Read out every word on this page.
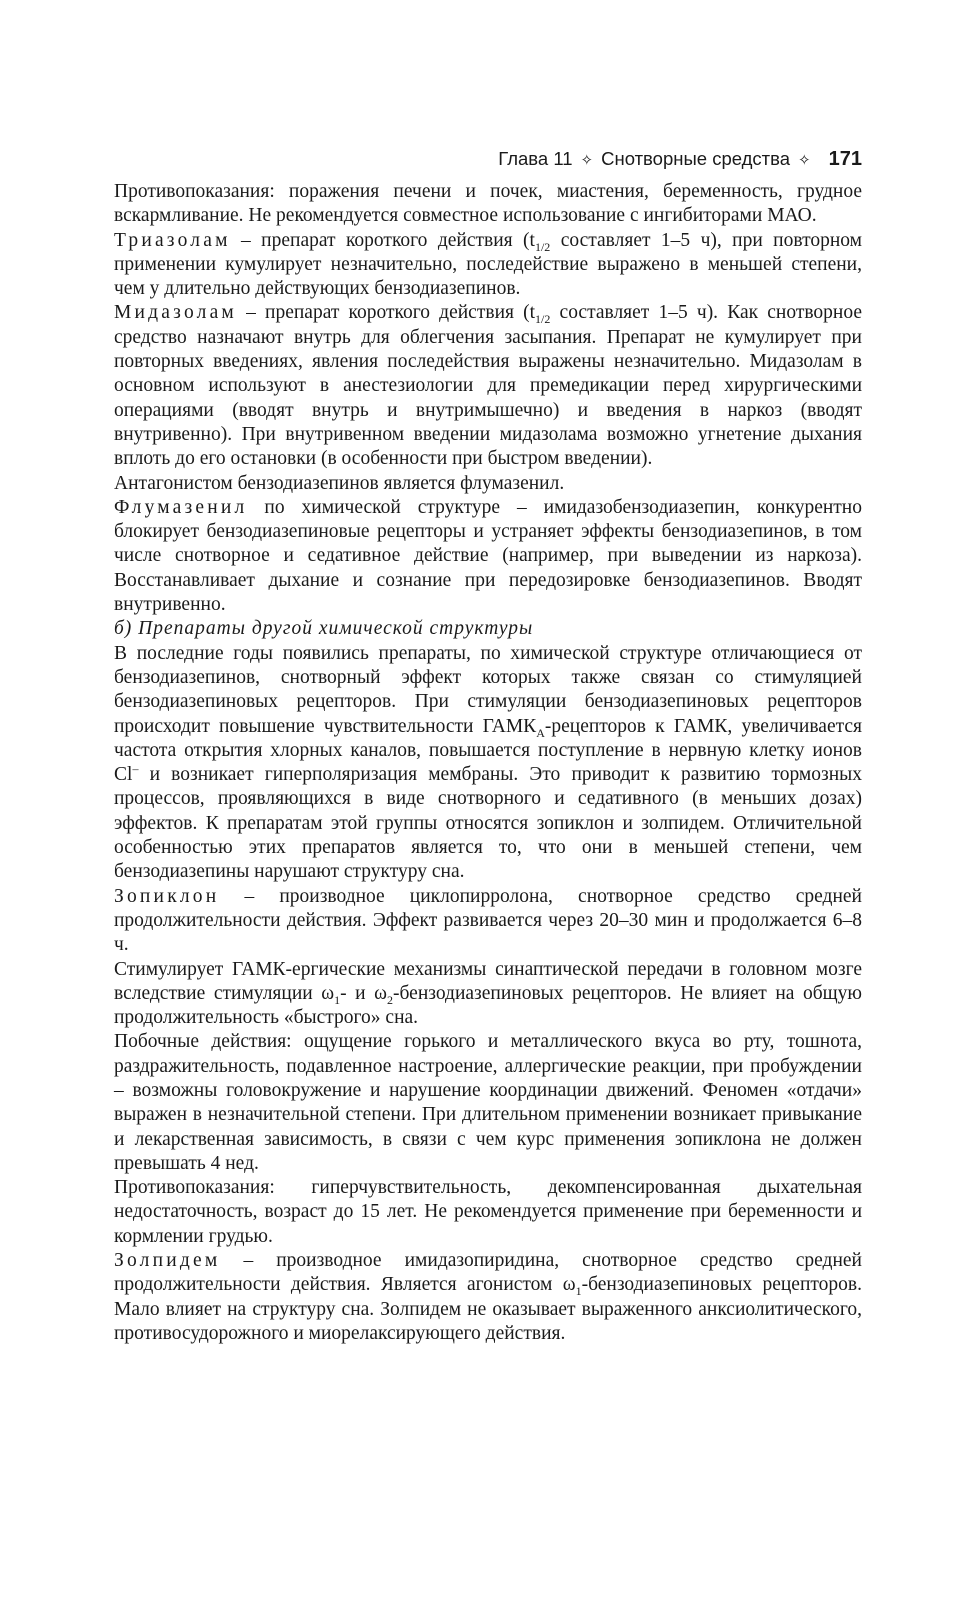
Глава 11 ✧ Снотворные средства ✧ 171

Противопоказания: поражения печени и почек, миастения, беременность, грудное вскармливание. Не рекомендуется совместное использование с ингибиторами МАО.

Триазолам – препарат короткого действия ($t_{1/2}$ составляет 1–5 ч), при повторном применении кумулирует незначительно, последействие выражено в меньшей степени, чем у длительно действующих бензодиазепинов.

Мидазолам – препарат короткого действия ($t_{1/2}$ составляет 1–5 ч). Как снотворное средство назначают внутрь для облегчения засыпания. Препарат не кумулирует при повторных введениях, явления последействия выражены незначительно. Мидазолам в основном используют в анестезиологии для премедикации перед хирургическими операциями (вводят внутрь и внутримышечно) и введения в наркоз (вводят внутривенно). При внутривенном введении мидазолама возможно угнетение дыхания вплоть до его остановки (в особенности при быстром введении).

Антагонистом бензодиазепинов является флумазенил.

Флумазенил по химической структуре – имидазобензодиазепин, конкурентно блокирует бензодиазепиновые рецепторы и устраняет эффекты бензодиазепинов, в том числе снотворное и седативное действие (например, при выведении из наркоза). Восстанавливает дыхание и сознание при передозировке бензодиазепинов. Вводят внутривенно.

б) Препараты другой химической структуры

В последние годы появились препараты, по химической структуре отличающиеся от бензодиазепинов, снотворный эффект которых также связан со стимуляцией бензодиазепиновых рецепторов. При стимуляции бензодиазепиновых рецепторов происходит повышение чувствительности $ГАМК_А$-рецепторов к ГАМК, увеличивается частота открытия хлорных каналов, повышается поступление в нервную клетку ионов Cl– и возникает гиперполяризация мембраны. Это приводит к развитию тормозных процессов, проявляющихся в виде снотворного и седативного (в меньших дозах) эффектов. К препаратам этой группы относятся зопиклон и золпидем. Отличительной особенностью этих препаратов является то, что они в меньшей степени, чем бензодиазепины нарушают структуру сна.

Зопиклон – производное циклопирролона, снотворное средство средней продолжительности действия. Эффект развивается через 20–30 мин и продолжается 6–8 ч.

Стимулирует ГАМК-ергические механизмы синаптической передачи в головном мозге вследствие стимуляции $\omega_1-$ и $\omega_2$-бензодиазепиновых рецепторов. Не влияет на общую продолжительность «быстрого» сна.

Побочные действия: ощущение горького и металлического вкуса во рту, тошнота, раздражительность, подавленное настроение, аллергические реакции, при пробуждении – возможны головокружение и нарушение координации движений. Феномен «отдачи» выражен в незначительной степени. При длительном применении возникает привыкание и лекарственная зависимость, в связи с чем курс применения зопиклона не должен превышать 4 нед.

Противопоказания: гиперчувствительность, декомпенсированная дыхательная недостаточность, возраст до 15 лет. Не рекомендуется применение при беременности и кормлении грудью.

Золпидем – производное имидазопиридина, снотворное средство средней продолжительности действия. Является агонистом $\omega_1$-бензодиазепиновых рецепторов. Мало влияет на структуру сна. Золпидем не оказывает выраженного анксиолитического, противосудорожного и миорелаксирующего действия.
